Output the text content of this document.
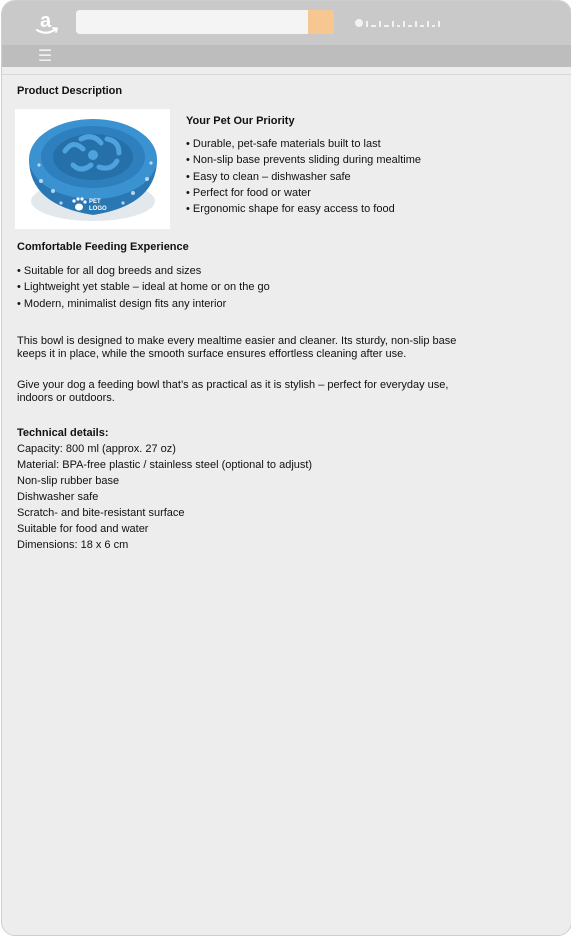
a
☰
Product Description
PET
LOGO
Your Pet Our Priority
• Durable, pet-safe materials built to last
• Non-slip base prevents sliding during mealtime
• Easy to clean – dishwasher safe
• Perfect for food or water
• Ergonomic shape for easy access to food
Comfortable Feeding Experience
• Suitable for all dog breeds and sizes
• Lightweight yet stable – ideal at home or on the go
• Modern, minimalist design fits any interior

This bowl is designed to make every mealtime easier and cleaner. Its sturdy, non-slip base keeps it in place, while the smooth surface ensures effortless cleaning after use.

Give your dog a feeding bowl that’s as practical as it is stylish – perfect for everyday use, indoors or outdoors.

Technical details:

Capacity: 800 ml (approx. 27 oz)

Material: BPA-free plastic / stainless steel (optional to adjust)

Non-slip rubber base

Dishwasher safe

Scratch- and bite-resistant surface

Suitable for food and water

Dimensions: 18 x 6 cm
